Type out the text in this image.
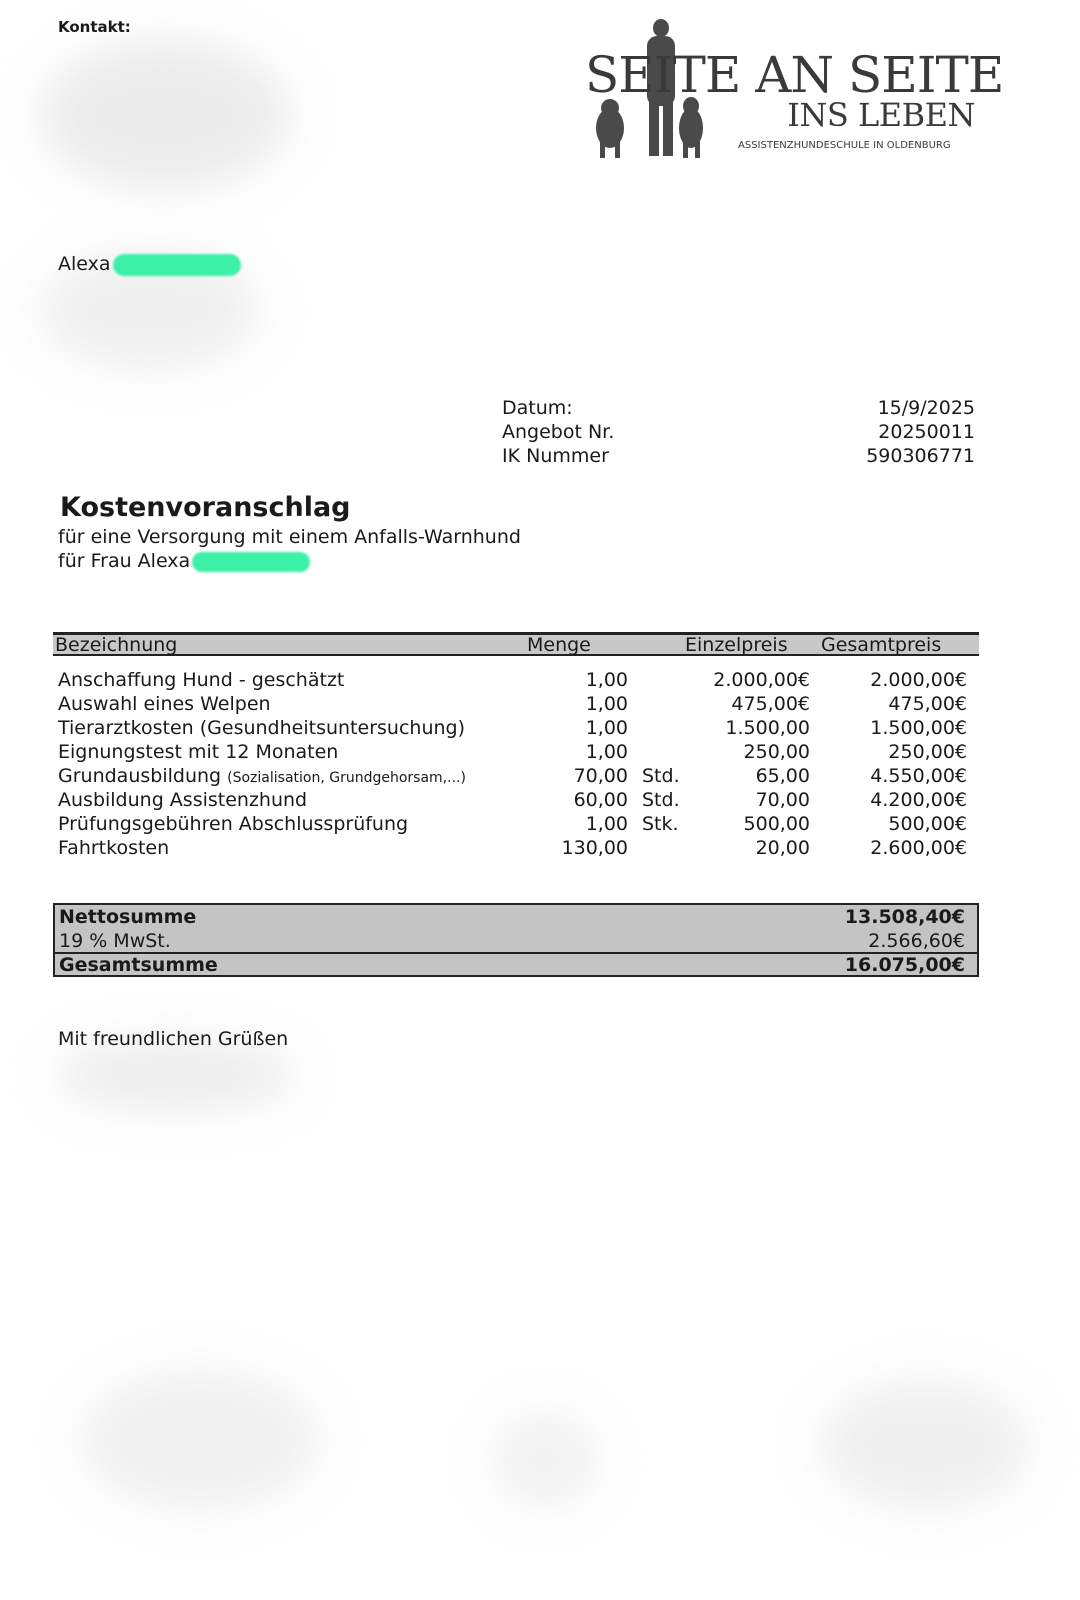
Kontakt:
SEITE AN SEITE
INS LEBEN
ASSISTENZHUNDESCHULE IN OLDENBURG
Alexa
Datum:	15/9/2025
Angebot Nr.	20250011
IK Nummer	590306771
Kostenvoranschlag
für eine Versorgung mit einem Anfalls-Warnhund
für Frau Alexa
Bezeichnung	Menge	Einzelpreis Gesamtpreis
Anschaffung Hund - geschätzt	1,00	2.000,00€	2.000,00€
Auswahl eines Welpen	1,00	475,00€	475,00€
Tierarztkosten (Gesundheitsuntersuchung)	1,00	1.500,00	1.500,00€
Eignungstest mit 12 Monaten	1,00	250,00	250,00€
Grundausbildung (Sozialisation, Grundgehorsam,...)	70,00 Std.	65,00	4.550,00€
Ausbildung Assistenzhund	60,00 Std.	70,00	4.200,00€
Prüfungsgebühren Abschlussprüfung	1,00 Stk.	500,00	500,00€
Fahrtkosten	130,00	20,00	2.600,00€
Nettosumme	13.508,40€
19 % MwSt.	2.566,60€
Gesamtsumme	16.075,00€
Mit freundlichen Grüßen
